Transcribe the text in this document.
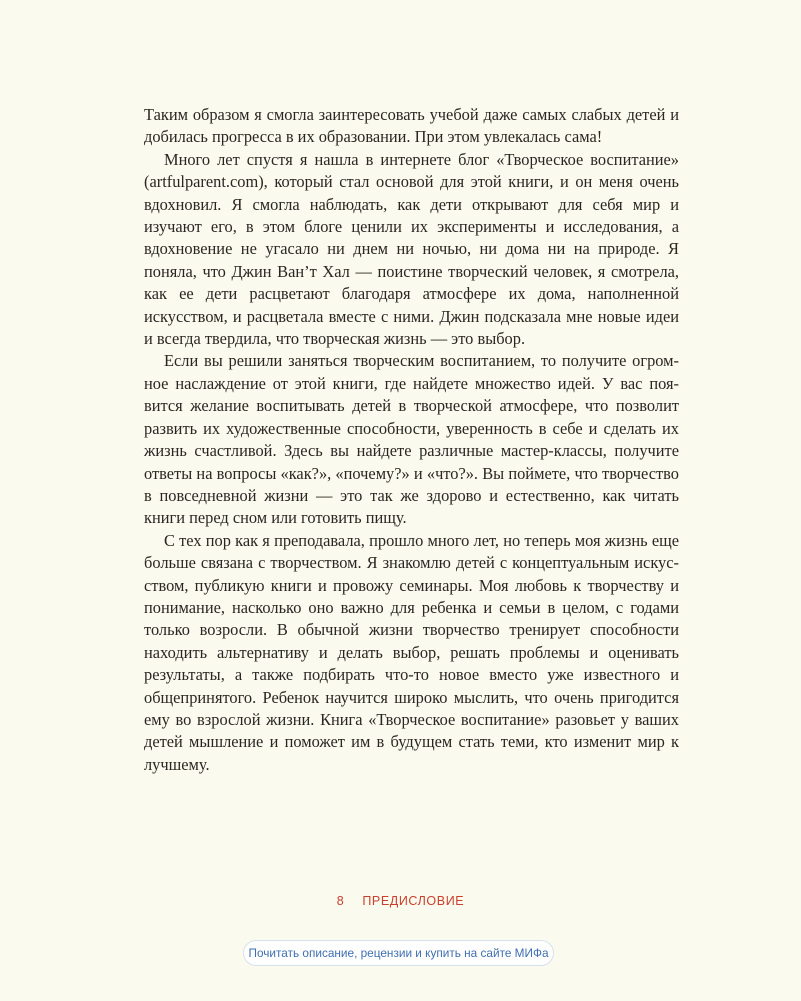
Таким образом я смогла заинтересовать учебой даже самых слабых детей и добилась прогресса в их образовании. При этом увлекалась сама!

Много лет спустя я нашла в интернете блог «Творческое воспитание» (artfulparent.com), который стал основой для этой книги, и он меня очень вдохновил. Я смогла наблюдать, как дети открывают для себя мир и изучают его, в этом блоге ценили их эксперименты и исследования, а вдохновение не угасало ни днем ни ночью, ни дома ни на природе. Я поняла, что Джин Ван’т Хал — поистине творческий человек, я смотрела, как ее дети расцветают благодаря атмосфере их дома, наполненной искусством, и расцветала вместе с ними. Джин подсказала мне новые идеи и всегда твердила, что творческая жизнь — это выбор.

Если вы решили заняться творческим воспитанием, то получите огромное наслаждение от этой книги, где найдете множество идей. У вас появится желание воспитывать детей в творческой атмосфере, что позволит развить их художественные способности, уверенность в себе и сделать их жизнь счастливой. Здесь вы найдете различные мастер-классы, получите ответы на вопросы «как?», «почему?» и «что?». Вы поймете, что творчество в повседневной жизни — это так же здорово и естественно, как читать книги перед сном или готовить пищу.

С тех пор как я преподавала, прошло много лет, но теперь моя жизнь еще больше связана с творчеством. Я знакомлю детей с концептуальным искусством, публикую книги и провожу семинары. Моя любовь к творчеству и понимание, насколько оно важно для ребенка и семьи в целом, с годами только возросли. В обычной жизни творчество тренирует способности находить альтернативу и делать выбор, решать проблемы и оценивать результаты, а также подбирать что-то новое вместо уже известного и общепринятого. Ребенок научится широко мыслить, что очень пригодится ему во взрослой жизни. Книга «Творческое воспитание» разовьет у ваших детей мышление и поможет им в будущем стать теми, кто изменит мир к лучшему.

8 ПРЕДИСЛОВИЕ
Почитать описание, рецензии и купить на сайте МИФа
